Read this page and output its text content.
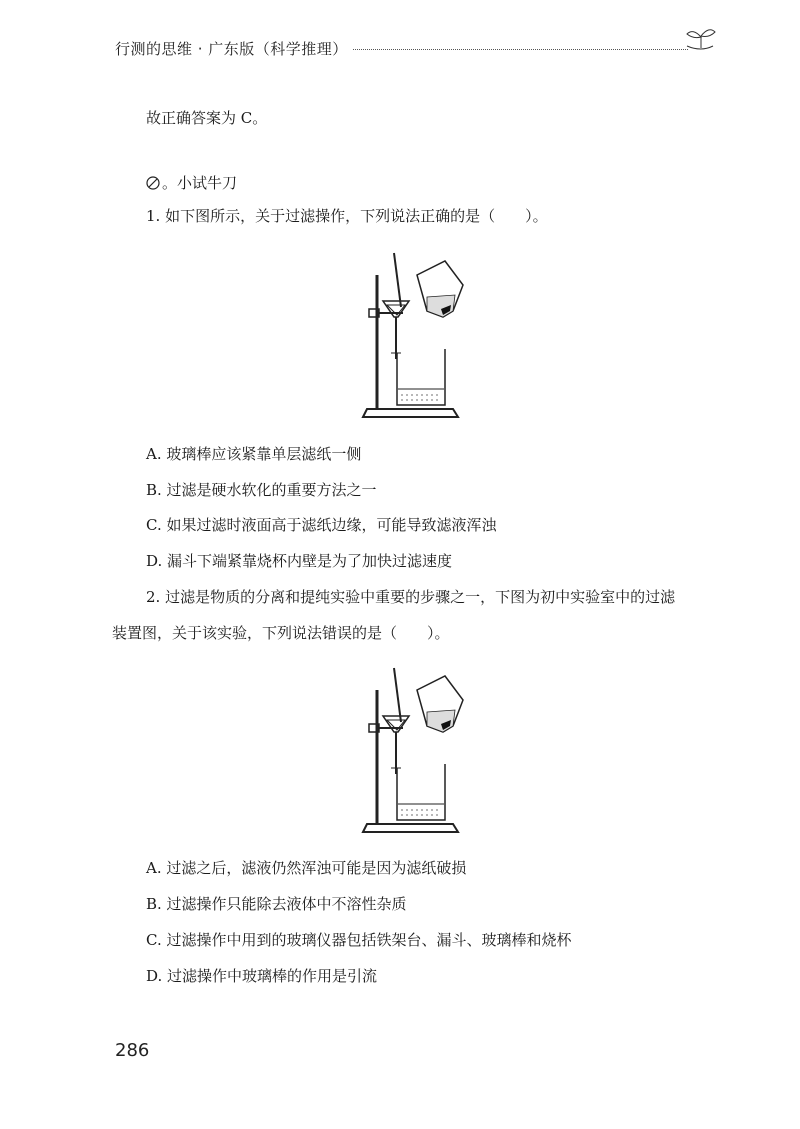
行测的思维 · 广东版（科学推理）
故正确答案为 C。
。小试牛刀
1. 如下图所示，关于过滤操作，下列说法正确的是（　　）。
A. 玻璃棒应该紧靠单层滤纸一侧
B. 过滤是硬水软化的重要方法之一
C. 如果过滤时液面高于滤纸边缘，可能导致滤液浑浊
D. 漏斗下端紧靠烧杯内壁是为了加快过滤速度
2. 过滤是物质的分离和提纯实验中重要的步骤之一，下图为初中实验室中的过滤
装置图，关于该实验，下列说法错误的是（　　）。
A. 过滤之后，滤液仍然浑浊可能是因为滤纸破损
B. 过滤操作只能除去液体中不溶性杂质
C. 过滤操作中用到的玻璃仪器包括铁架台、漏斗、玻璃棒和烧杯
D. 过滤操作中玻璃棒的作用是引流
286
